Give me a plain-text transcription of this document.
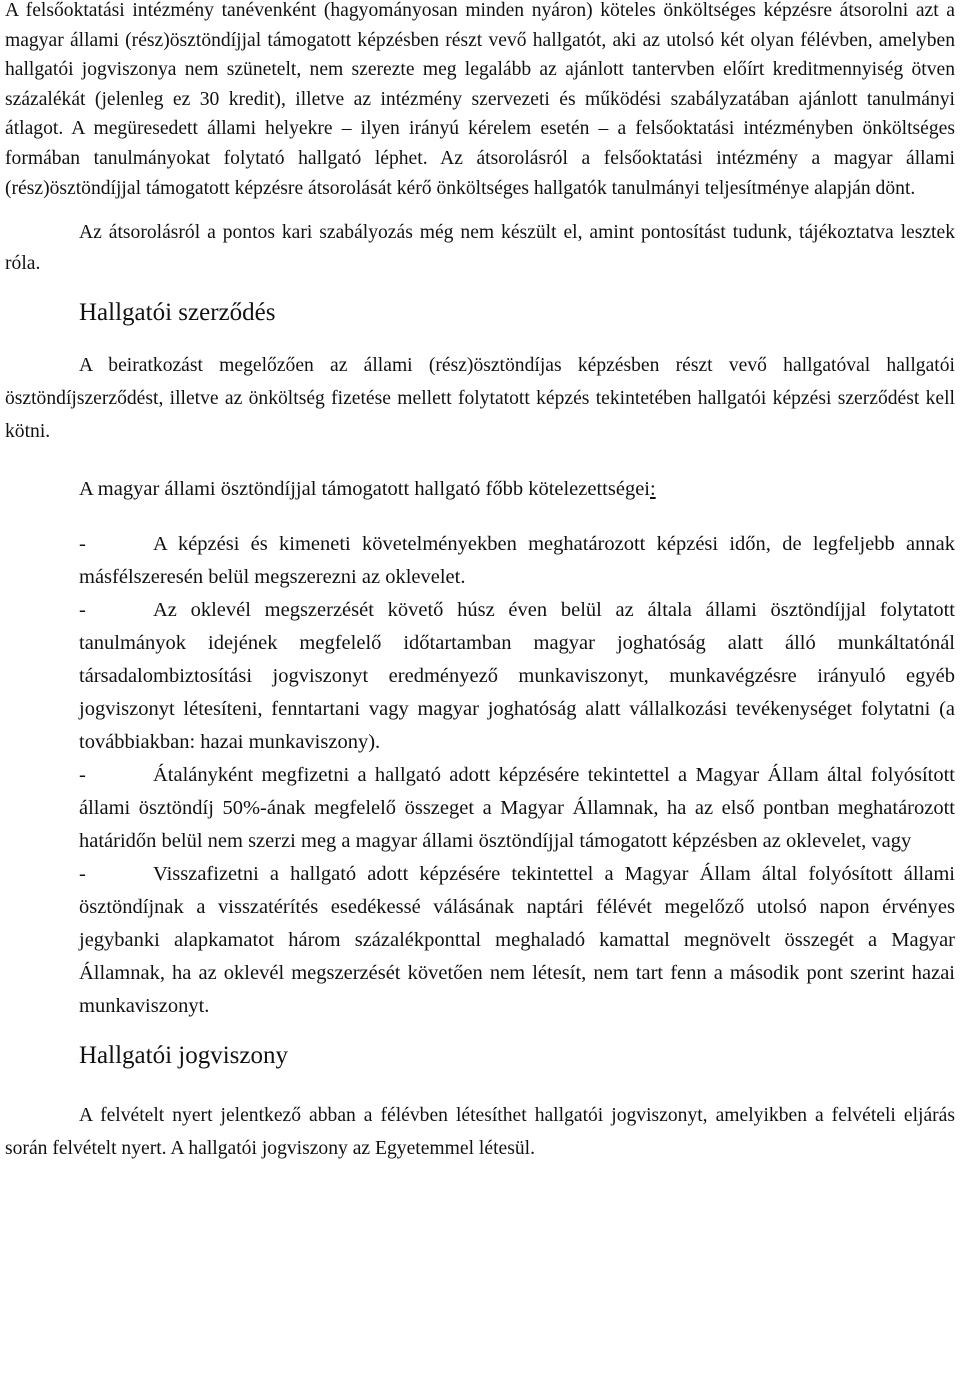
A felsőoktatási intézmény tanévenként (hagyományosan minden nyáron) köteles önköltséges képzésre átsorolni azt a magyar állami (rész)ösztöndíjjal támogatott képzésben részt vevő hallgatót, aki az utolsó két olyan félévben, amelyben hallgatói jogviszonya nem szünetelt, nem szerezte meg legalább az ajánlott tantervben előírt kreditmennyiség ötven százalékát (jelenleg ez 30 kredit), illetve az intézmény szervezeti és működési szabályzatában ajánlott tanulmányi átlagot. A megüresedett állami helyekre – ilyen irányú kérelem esetén – a felsőoktatási intézményben önköltséges formában tanulmányokat folytató hallgató léphet. Az átsorolásról a felsőoktatási intézmény a magyar állami (rész)ösztöndíjjal támogatott képzésre átsorolását kérő önköltséges hallgatók tanulmányi teljesítménye alapján dönt.

Az átsorolásról a pontos kari szabályozás még nem készült el, amint pontosítást tudunk, tájékoztatva lesztek róla.

Hallgatói szerződés

A beiratkozást megelőzően az állami (rész)ösztöndíjas képzésben részt vevő hallgatóval hallgatói ösztöndíjszerződést, illetve az önköltség fizetése mellett folytatott képzés tekintetében hallgatói képzési szerződést kell kötni.

A magyar állami ösztöndíjjal támogatott hallgató főbb kötelezettségei:
-	A képzési és kimeneti követelményekben meghatározott képzési időn, de legfeljebb annak másfélszeresén belül megszerezni az oklevelet.
-	Az oklevél megszerzését követő húsz éven belül az általa állami ösztöndíjjal folytatott tanulmányok idejének megfelelő időtartamban magyar joghatóság alatt álló munkáltatónál társadalombiztosítási jogviszonyt eredményező munkaviszonyt, munkavégzésre irányuló egyéb jogviszonyt létesíteni, fenntartani vagy magyar joghatóság alatt vállalkozási tevékenységet folytatni (a továbbiakban: hazai munkaviszony).
-	Átalányként megfizetni a hallgató adott képzésére tekintettel a Magyar Állam által folyósított állami ösztöndíj 50%-ának megfelelő összeget a Magyar Államnak, ha az első pontban meghatározott határidőn belül nem szerzi meg a magyar állami ösztöndíjjal támogatott képzésben az oklevelet, vagy
-	Visszafizetni a hallgató adott képzésére tekintettel a Magyar Állam által folyósított állami ösztöndíjnak a visszatérítés esedékessé válásának naptári félévét megelőző utolsó napon érvényes jegybanki alapkamatot három százalékponttal meghaladó kamattal megnövelt összegét a Magyar Államnak, ha az oklevél megszerzését követően nem létesít, nem tart fenn a második pont szerint hazai munkaviszonyt.
Hallgatói jogviszony

A felvételt nyert jelentkező abban a félévben létesíthet hallgatói jogviszonyt, amelyikben a felvételi eljárás során felvételt nyert. A hallgatói jogviszony az Egyetemmel létesül.
